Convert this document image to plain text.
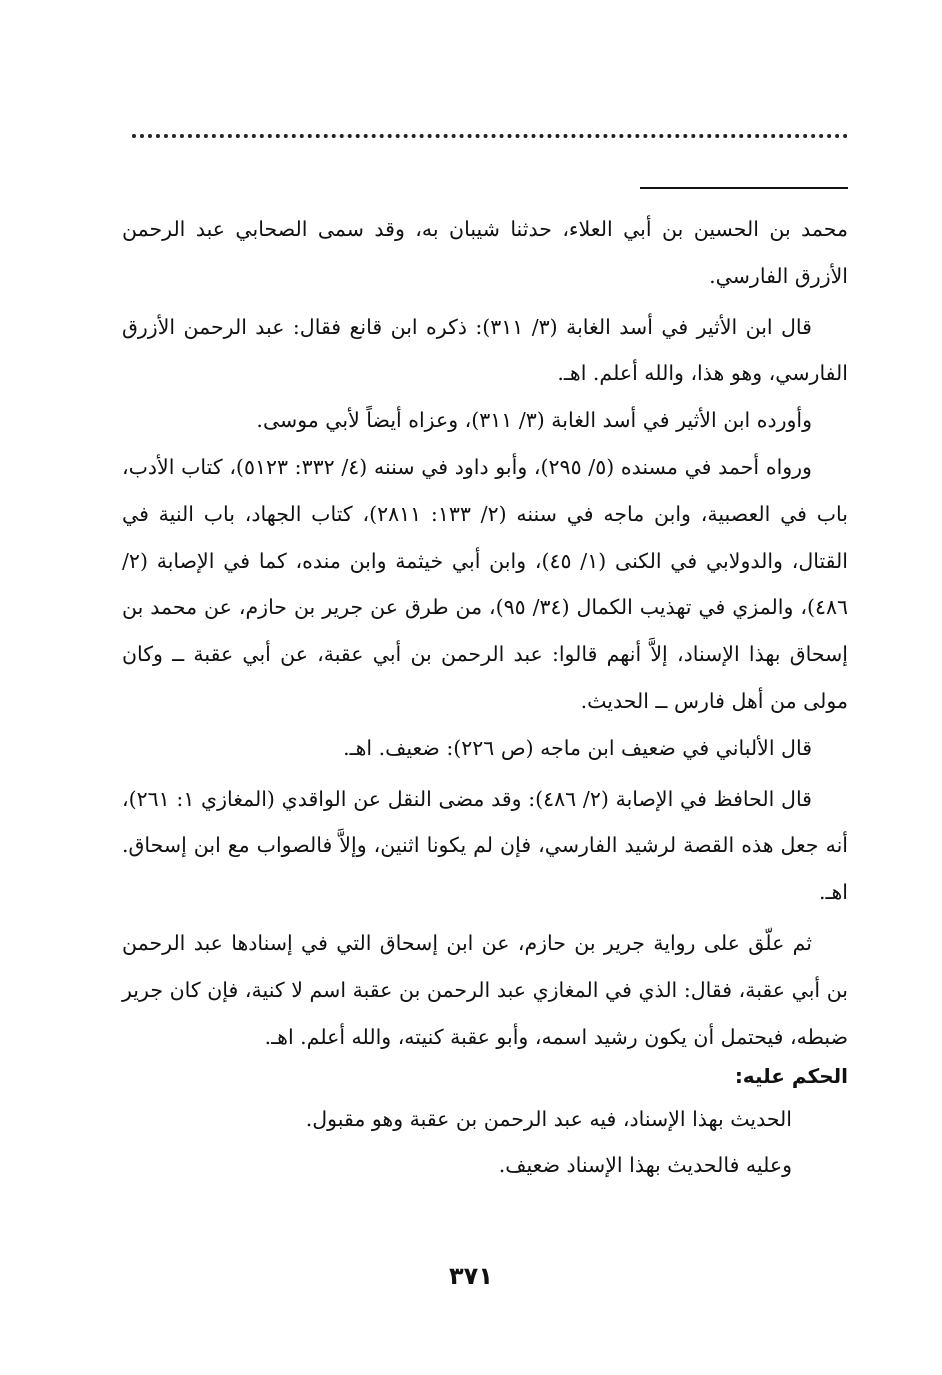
محمد بن الحسين بن أبي العلاء، حدثنا شيبان به، وقد سمى الصحابي عبد الرحمن الأزرق الفارسي.

قال ابن الأثير في أسد الغابة (٣/ ٣١١): ذكره ابن قانع فقال: عبد الرحمن الأزرق الفارسي، وهو هذا، والله أعلم. اهـ.

وأورده ابن الأثير في أسد الغابة (٣/ ٣١١)، وعزاه أيضاً لأبي موسى.

ورواه أحمد في مسنده (٥/ ٢٩٥)، وأبو داود في سننه (٤/ ٣٣٢: ٥١٢٣)، كتاب الأدب، باب في العصبية، وابن ماجه في سننه (٢/ ١٣٣: ٢٨١١)، كتاب الجهاد، باب النية في القتال، والدولابي في الكنى (١/ ٤٥)، وابن أبي خيثمة وابن منده، كما في الإصابة (٢/ ٤٨٦)، والمزي في تهذيب الكمال (٣٤/ ٩٥)، من طرق عن جرير بن حازم، عن محمد بن إسحاق بهذا الإسناد، إلاَّ أنهم قالوا: عبد الرحمن بن أبي عقبة، عن أبي عقبة ــ وكان مولى من أهل فارس ــ الحديث.

قال الألباني في ضعيف ابن ماجه (ص ٢٢٦): ضعيف. اهـ.

قال الحافظ في الإصابة (٢/ ٤٨٦): وقد مضى النقل عن الواقدي (المغازي ١: ٢٦١)، أنه جعل هذه القصة لرشيد الفارسي، فإن لم يكونا اثنين، وإلاَّ فالصواب مع ابن إسحاق. اهـ.

ثم علّق على رواية جرير بن حازم، عن ابن إسحاق التي في إسنادها عبد الرحمن بن أبي عقبة، فقال: الذي في المغازي عبد الرحمن بن عقبة اسم لا كنية، فإن كان جرير ضبطه، فيحتمل أن يكون رشيد اسمه، وأبو عقبة كنيته، والله أعلم. اهـ.

الحكم عليه:

الحديث بهذا الإسناد، فيه عبد الرحمن بن عقبة وهو مقبول.

وعليه فالحديث بهذا الإسناد ضعيف.

٣٧١
